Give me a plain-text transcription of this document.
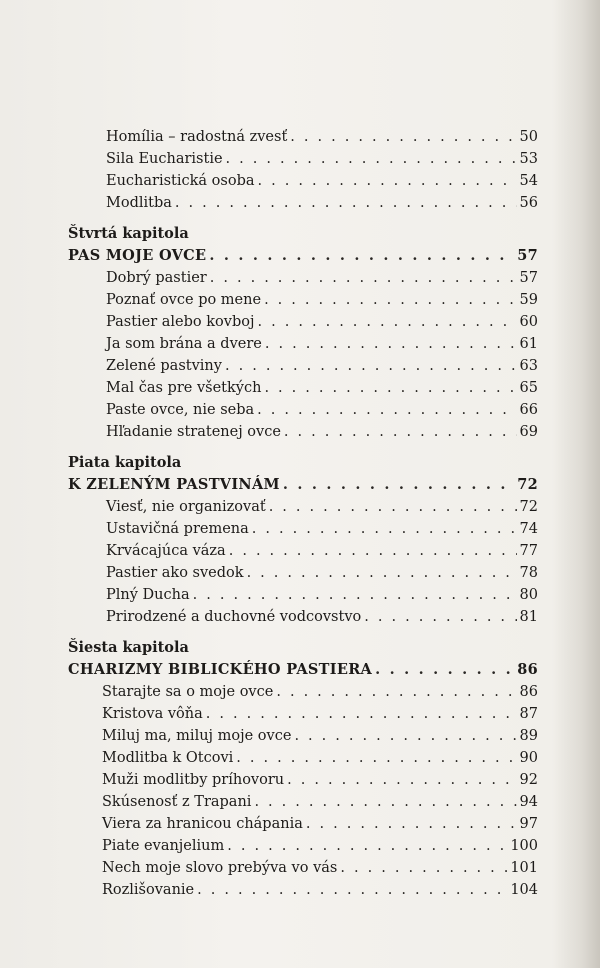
Homília – radostná zvesť . . .	50
Sila Eucharistie . . .	53
Eucharistická osoba . . .	54
Modlitba . . .	56
Štvrtá kapitola
PAS MOJE OVCE . . .	57
Dobrý pastier . . .	57
Poznať ovce po mene . . .	59
Pastier alebo kovboj . . .	60
Ja som brána a dvere . . .	61
Zelené pastviny . . .	63
Mal čas pre všetkých . . .	65
Paste ovce, nie seba . . .	66
Hľadanie stratenej ovce . . .	69
Piata kapitola
K ZELENÝM PASTVINÁM . . .	72
Viesť, nie organizovať . . .	72
Ustavičná premena . . .	74
Krvácajúca váza . . .	77
Pastier ako svedok . . .	78
Plný Ducha . . .	80
Prirodzené a duchovné vodcovstvo . . .	81
Šiesta kapitola
CHARIZMY BIBLICKÉHO PASTIERA . . .	86
Starajte sa o moje ovce . . .	86
Kristova vôňa . . .	87
Miluj ma, miluj moje ovce . . .	89
Modlitba k Otcovi . . .	90
Muži modlitby príhovoru . . .	92
Skúsenosť z Trapani . . .	94
Viera za hranicou chápania . . .	97
Piate evanjelium . . .	100
Nech moje slovo prebýva vo vás . . .	101
Rozlišovanie . . .	104
